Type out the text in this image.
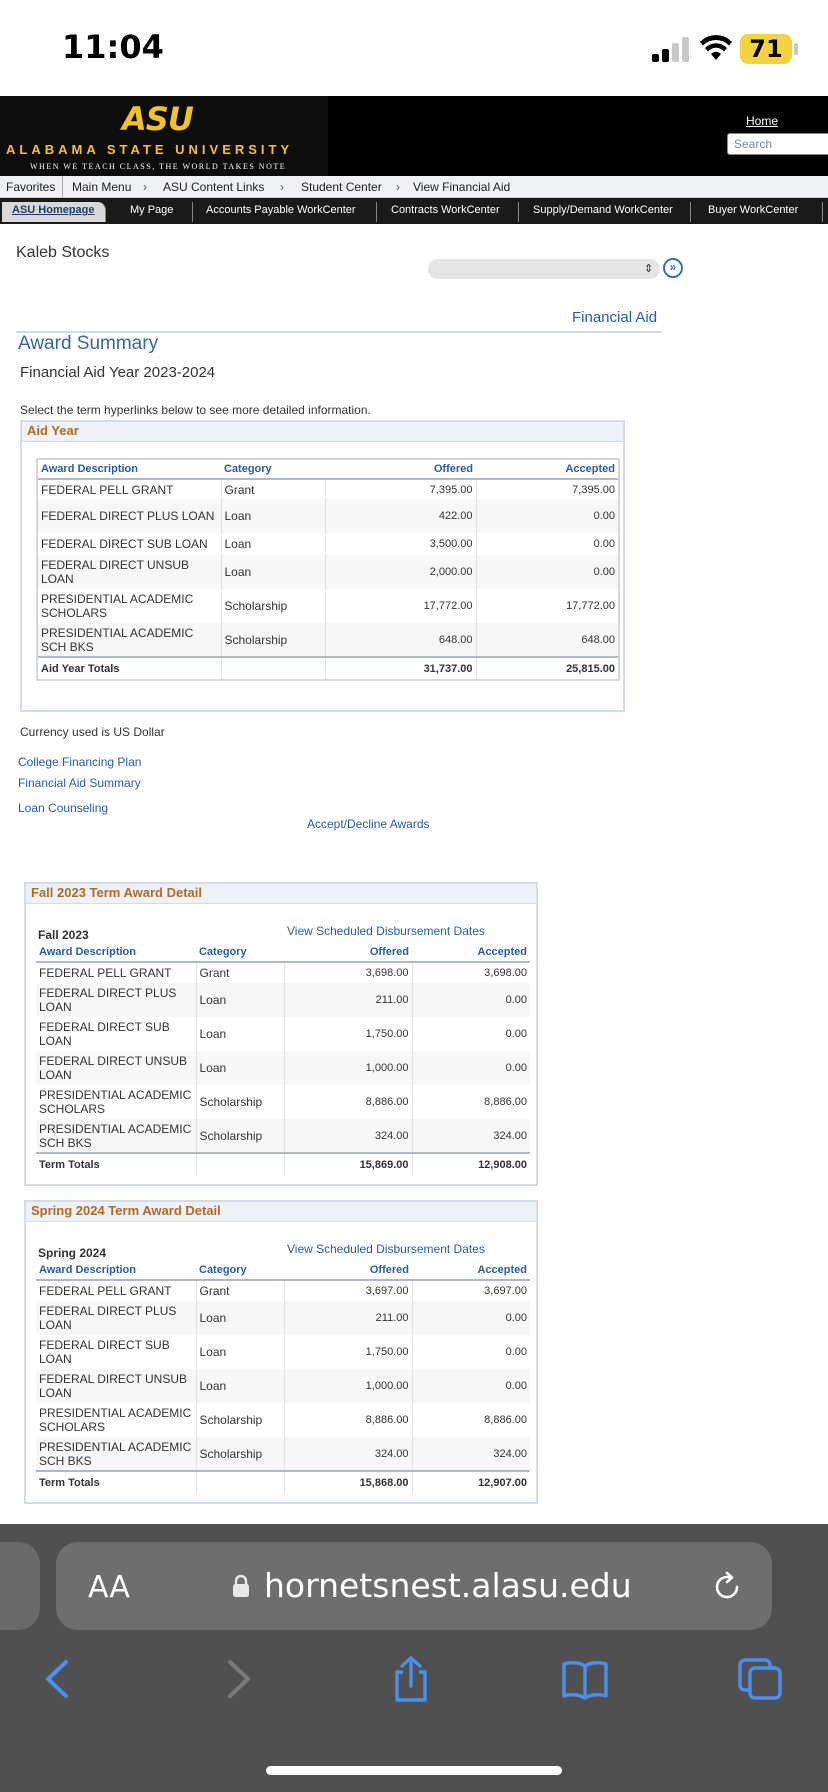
11:04	71
ASU
ALABAMA STATE UNIVERSITY
WHEN WE TEACH CLASS, THE WORLD TAKES NOTE
Home
Search
Favorites Main Menu › ASU Content Links › Student Center › View Financial Aid
ASU Homepage	My Page	Accounts Payable WorkCenter	Contracts WorkCenter	Supply/Demand WorkCenter	Buyer WorkCenter
Kaleb Stocks
⇕	»
Financial Aid
Award Summary
Financial Aid Year 2023-2024
Select the term hyperlinks below to see more detailed information.
Aid Year
Award Description	Category	Offered	Accepted
FEDERAL PELL GRANT	Grant	7,395.00	7,395.00
FEDERAL DIRECT PLUS LOAN	Loan	422.00	0.00
FEDERAL DIRECT SUB LOAN	Loan	3,500.00	0.00
FEDERAL DIRECT UNSUB LOAN	Loan	2,000.00	0.00
PRESIDENTIAL ACADEMIC SCHOLARS	Scholarship	17,772.00	17,772.00
PRESIDENTIAL ACADEMIC SCH BKS	Scholarship	648.00	648.00
Aid Year Totals		31,737.00	25,815.00
Currency used is US Dollar
College Financing Plan
Financial Aid Summary
Loan Counseling
Accept/Decline Awards
Fall 2023 Term Award Detail
Fall 2023	View Scheduled Disbursement Dates
Award Description	Category	Offered	Accepted
FEDERAL PELL GRANT	Grant	3,698.00	3,698.00
FEDERAL DIRECT PLUS LOAN	Loan	211.00	0.00
FEDERAL DIRECT SUB LOAN	Loan	1,750.00	0.00
FEDERAL DIRECT UNSUB LOAN	Loan	1,000.00	0.00
PRESIDENTIAL ACADEMIC SCHOLARS	Scholarship	8,886.00	8,886.00
PRESIDENTIAL ACADEMIC SCH BKS	Scholarship	324.00	324.00
Term Totals		15,869.00	12,908.00
Spring 2024 Term Award Detail
Spring 2024	View Scheduled Disbursement Dates
Award Description	Category	Offered	Accepted
FEDERAL PELL GRANT	Grant	3,697.00	3,697.00
FEDERAL DIRECT PLUS LOAN	Loan	211.00	0.00
FEDERAL DIRECT SUB LOAN	Loan	1,750.00	0.00
FEDERAL DIRECT UNSUB LOAN	Loan	1,000.00	0.00
PRESIDENTIAL ACADEMIC SCHOLARS	Scholarship	8,886.00	8,886.00
PRESIDENTIAL ACADEMIC SCH BKS	Scholarship	324.00	324.00
Term Totals		15,868.00	12,907.00
AA	hornetsnest.alasu.edu
